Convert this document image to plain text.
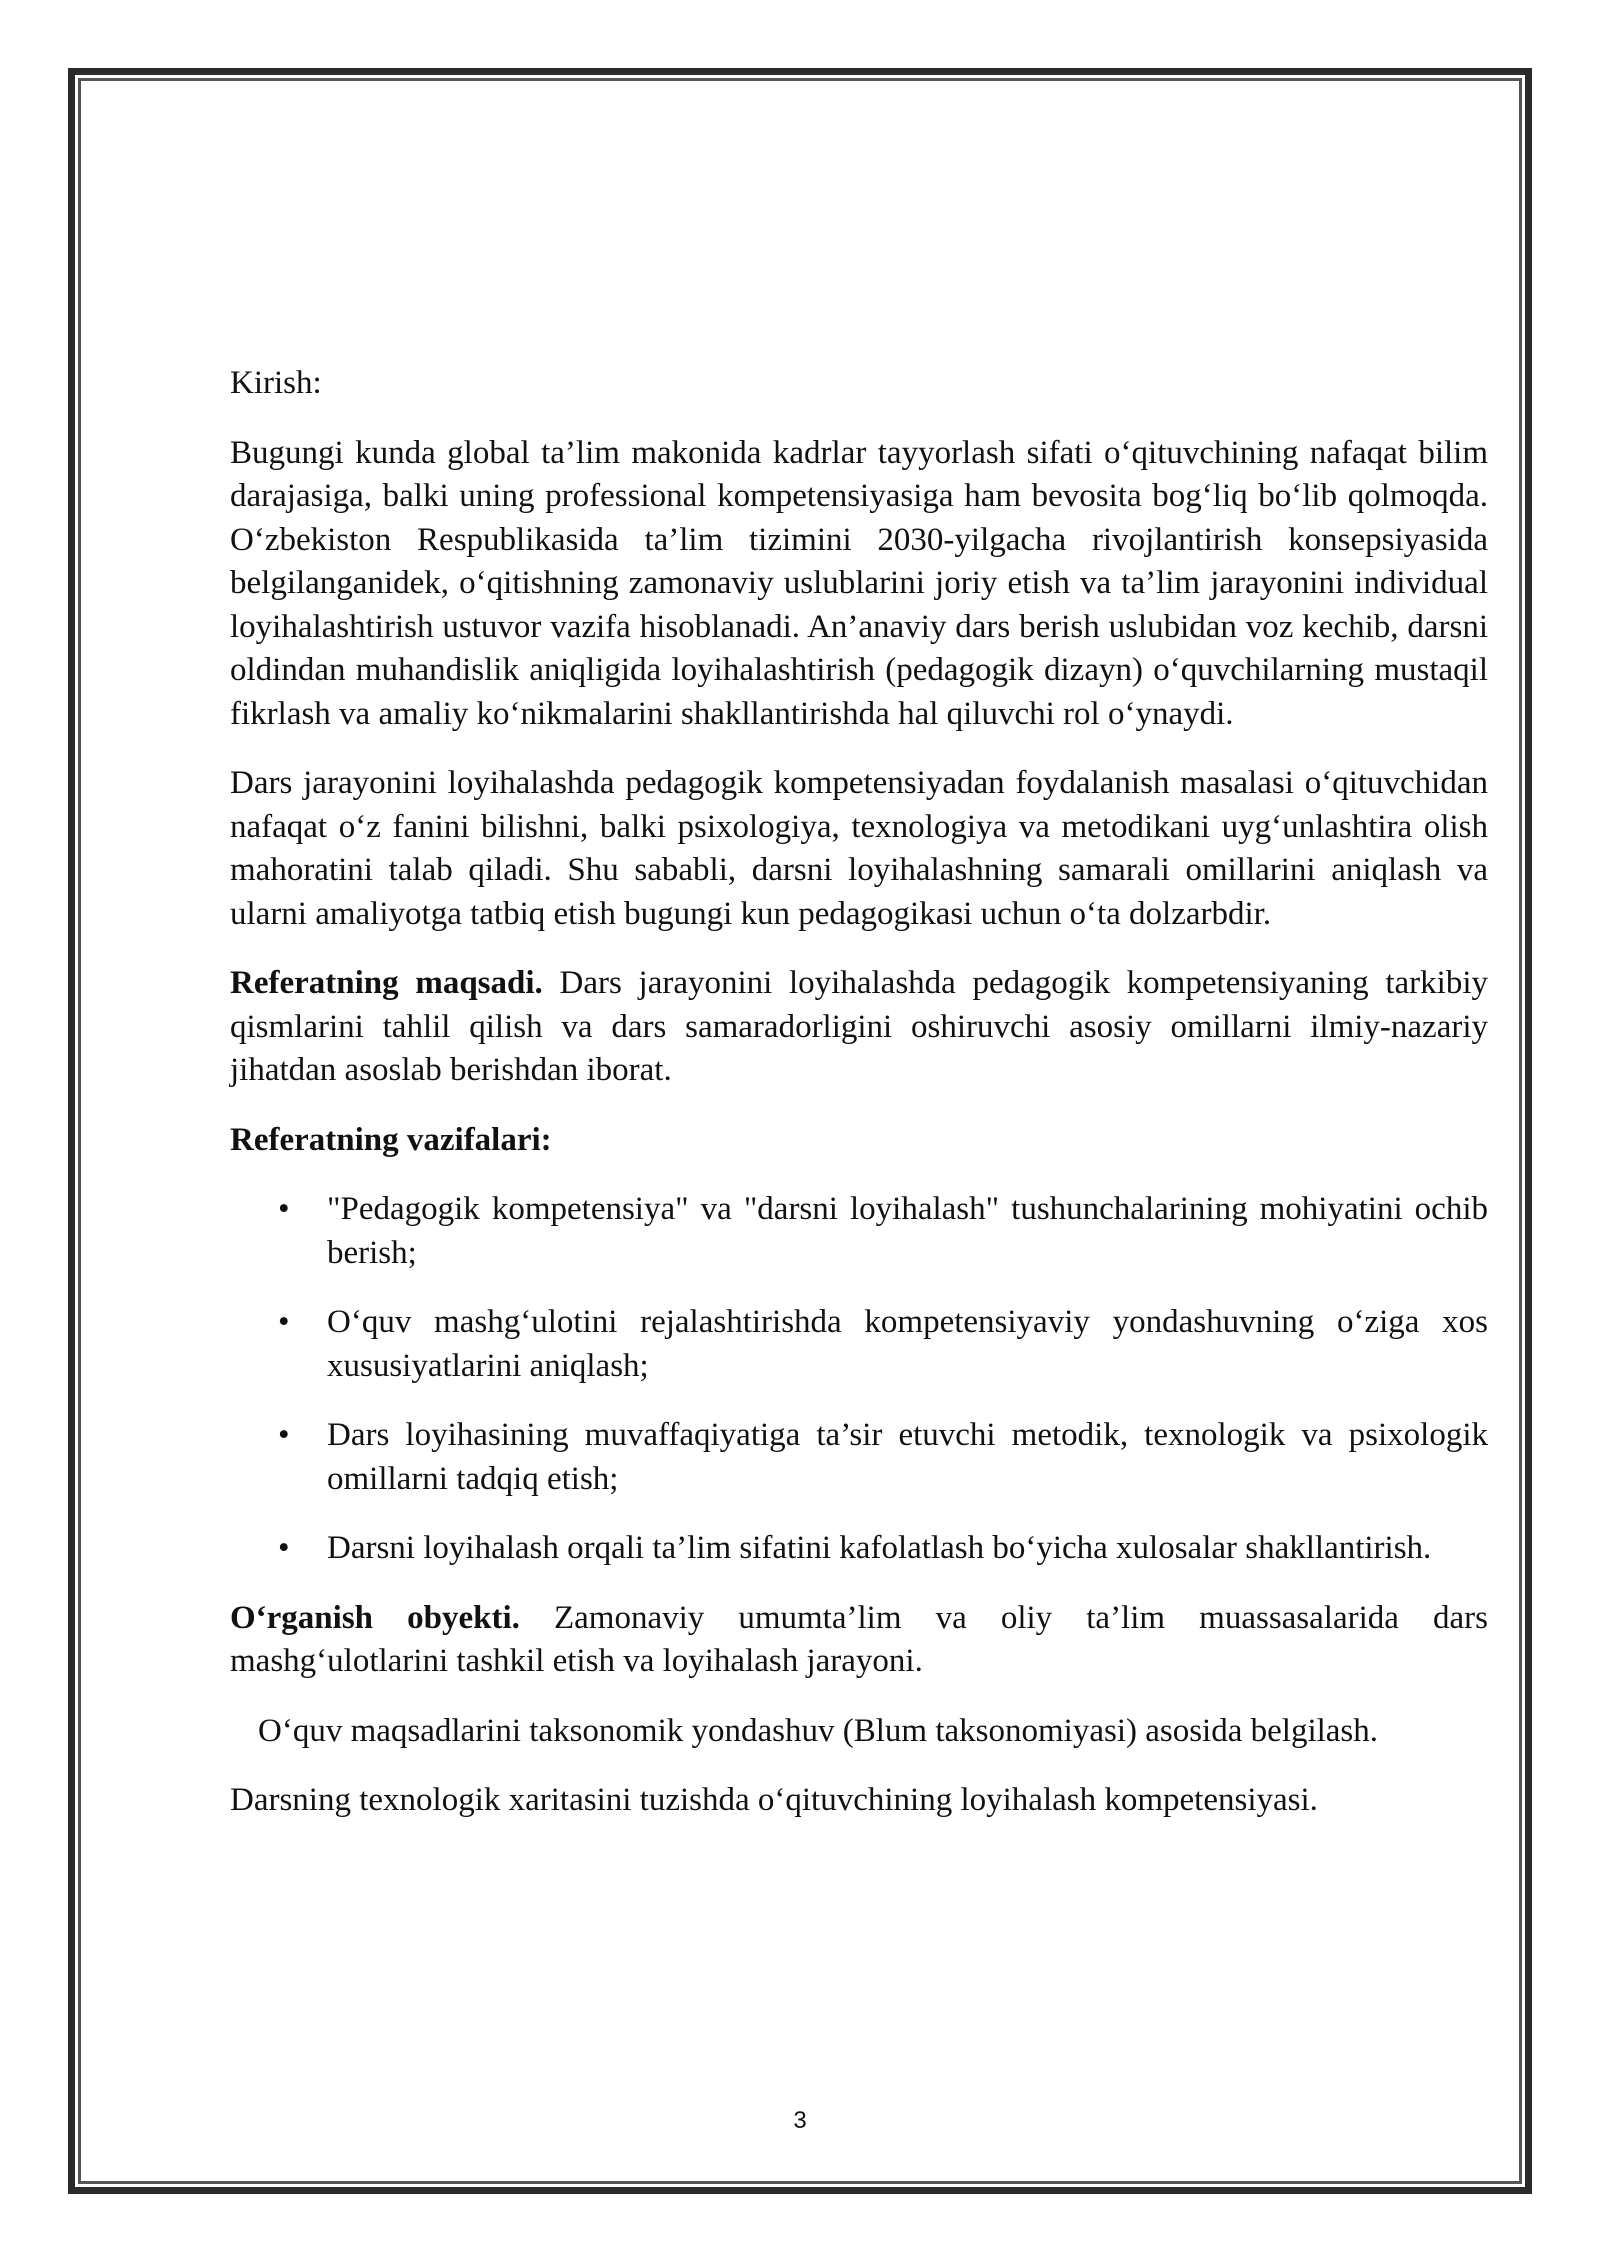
Kirish:

Bugungi kunda global ta’lim makonida kadrlar tayyorlash sifati o‘qituvchining nafaqat bilim darajasiga, balki uning professional kompetensiyasiga ham bevosita bog‘liq bo‘lib qolmoqda. O‘zbekiston Respublikasida ta’lim tizimini 2030-yilgacha rivojlantirish konsepsiyasida belgilanganidek, o‘qitishning zamonaviy uslublarini joriy etish va ta’lim jarayonini individual loyihalashtirish ustuvor vazifa hisoblanadi. An’anaviy dars berish uslubidan voz kechib, darsni oldindan muhandislik aniqligida loyihalashtirish (pedagogik dizayn) o‘quvchilarning mustaqil fikrlash va amaliy ko‘nikmalarini shakllantirishda hal qiluvchi rol o‘ynaydi.

Dars jarayonini loyihalashda pedagogik kompetensiyadan foydalanish masalasi o‘qituvchidan nafaqat o‘z fanini bilishni, balki psixologiya, texnologiya va metodikani uyg‘unlashtira olish mahoratini talab qiladi. Shu sababli, darsni loyihalashning samarali omillarini aniqlash va ularni amaliyotga tatbiq etish bugungi kun pedagogikasi uchun o‘ta dolzarbdir.

Referatning maqsadi. Dars jarayonini loyihalashda pedagogik kompetensiyaning tarkibiy qismlarini tahlil qilish va dars samaradorligini oshiruvchi asosiy omillarni ilmiy-nazariy jihatdan asoslab berishdan iborat.

Referatning vazifalari:
• "Pedagogik kompetensiya" va "darsni loyihalash" tushunchalarining mohiyatini ochib berish;
• O‘quv mashg‘ulotini rejalashtirishda kompetensiyaviy yondashuvning o‘ziga xos xususiyatlarini aniqlash;
• Dars loyihasining muvaffaqiyatiga ta’sir etuvchi metodik, texnologik va psixologik omillarni tadqiq etish;
• Darsni loyihalash orqali ta’lim sifatini kafolatlash bo‘yicha xulosalar shakllantirish.

O‘rganish obyekti. Zamonaviy umumta’lim va oliy ta’lim muassasalarida dars mashg‘ulotlarini tashkil etish va loyihalash jarayoni.

O‘quv maqsadlarini taksonomik yondashuv (Blum taksonomiyasi) asosida belgilash.

Darsning texnologik xaritasini tuzishda o‘qituvchining loyihalash kompetensiyasi.

3
